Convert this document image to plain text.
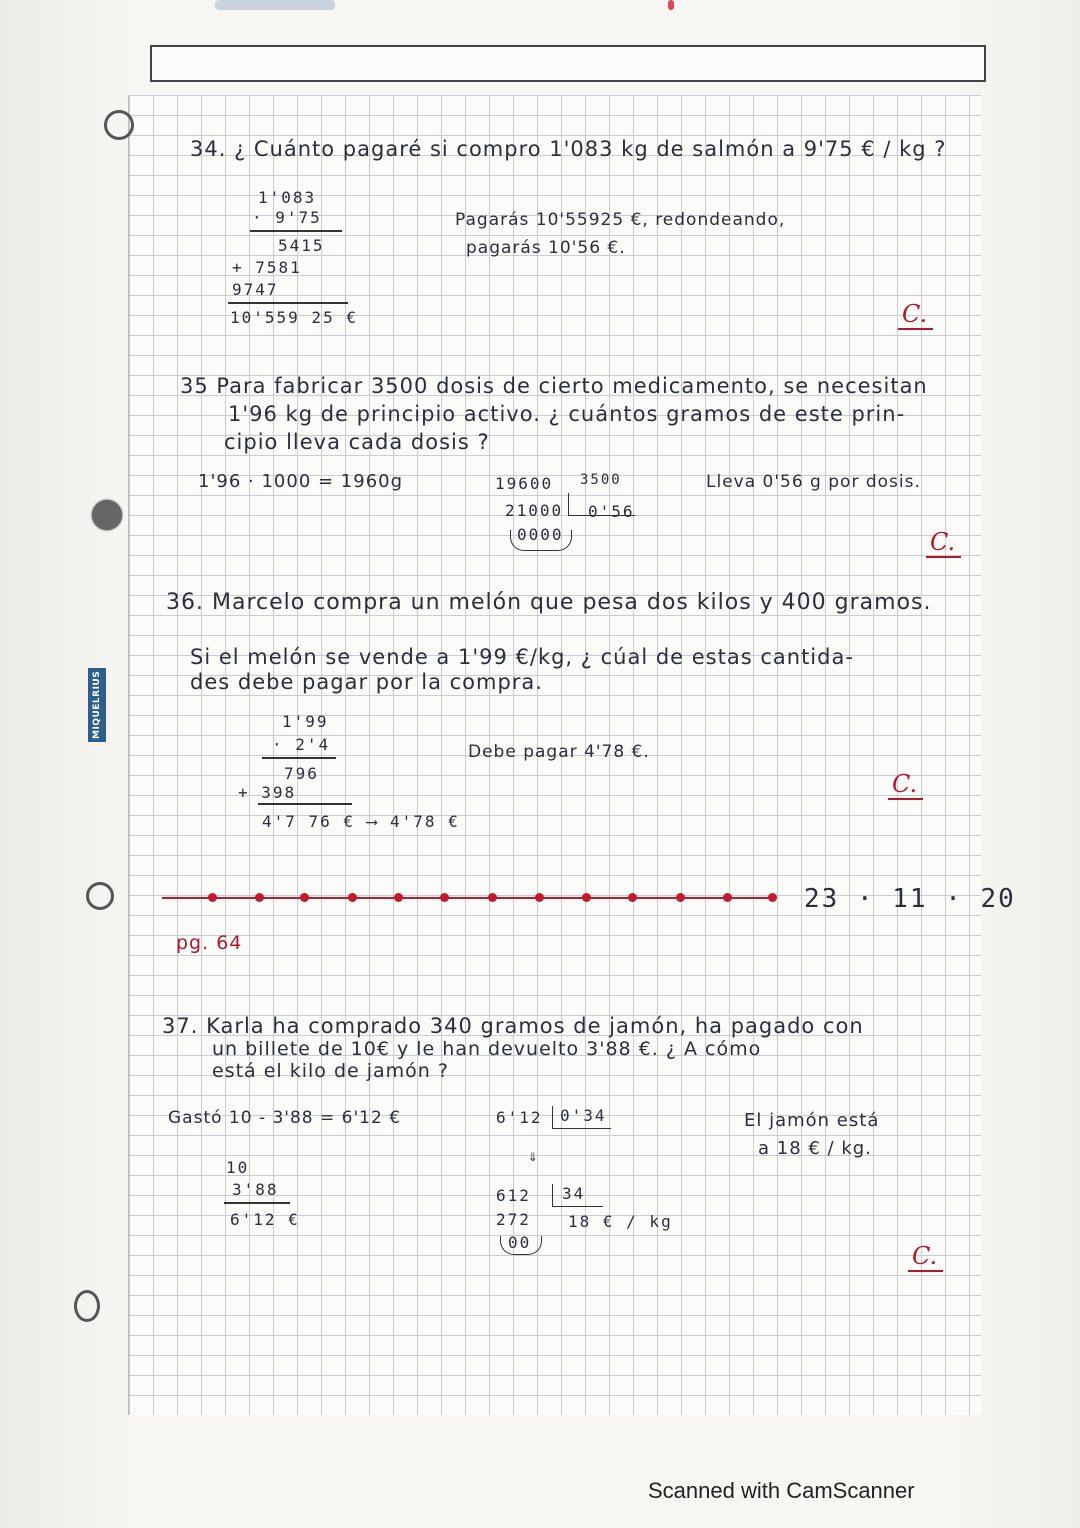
MIQUELRIUS
34. ¿ Cuánto pagaré si compro 1'083 kg de salmón a 9'75 € / kg ?
1'083
· 9'75
5415
+ 7581
9747
10'559 25 €
Pagarás 10'55925 €, redondeando,
pagarás 10'56 €.
C.
35 Para fabricar 3500 dosis de cierto medicamento, se necesitan
1'96 kg de principio activo. ¿ cuántos gramos de este prin-
cipio lleva cada dosis ?
1'96 · 1000 = 1960g	19600 3500
21000 0'56
0000
Lleva 0'56 g por dosis.
C.
36. Marcelo compra un melón que pesa dos kilos y 400 gramos.
Si el melón se vende a 1'99 €/kg, ¿ cúal de estas cantida-
des debe pagar por la compra.
1'99
· 2'4
796
+ 398
4'7 76 € ⟶ 4'78 €
Debe pagar 4'78 €.
C.
23 · 11 · 20
pg. 64
37. Karla ha comprado 340 gramos de jamón, ha pagado con
un billete de 10€ y le han devuelto 3'88 €. ¿ A cómo
está el kilo de jamón ?
Gastó 10 - 3'88 = 6'12 €
10
3'88
6'12 €
6'12 0'34
⇓
612 34
272 18 € / kg
00
El jamón está
a 18 € / kg.
C.
Scanned with CamScanner
